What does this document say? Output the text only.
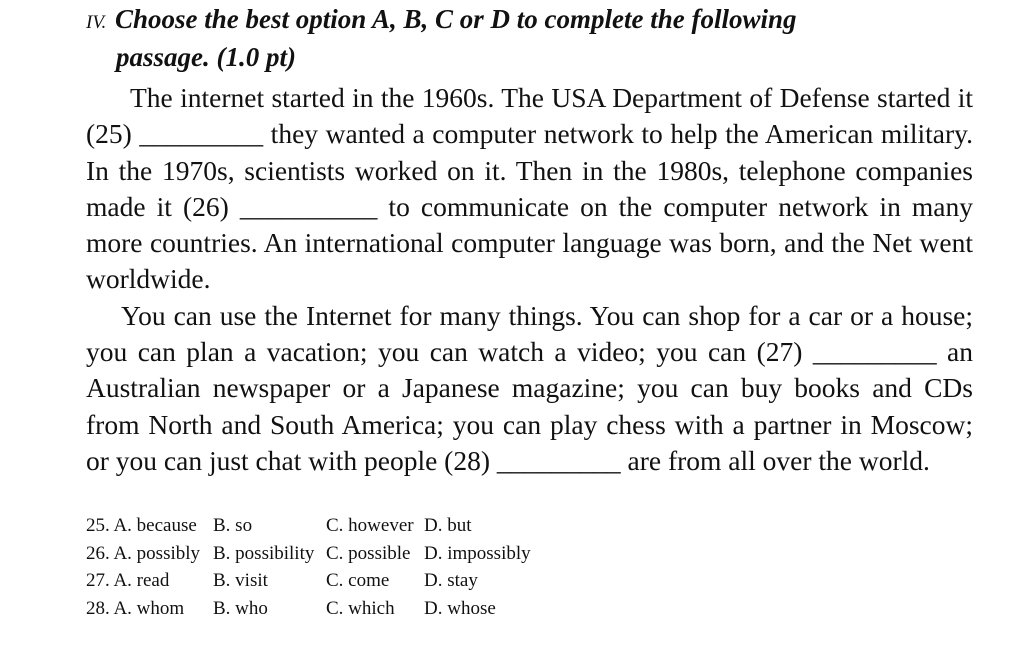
IV. Choose the best option A, B, C or D to complete the following
passage. (1.0 pt)

The internet started in the 1960s. The USA Department of Defense started it (25) _________ they wanted a computer network to help the American military. In the 1970s, scientists worked on it. Then in the 1980s, telephone companies made it (26) __________ to communicate on the computer network in many more countries. An international computer language was born, and the Net went worldwide.

You can use the Internet for many things. You can shop for a car or a house; you can plan a vacation; you can watch a video; you can (27) _________ an Australian newspaper or a Japanese magazine; you can buy books and CDs from North and South America; you can play chess with a partner in Moscow; or you can just chat with people (28) _________ are from all over the world.

25. A. because B. so	C. however D. but
26. A. possibly B. possibility C. possible D. impossibly
27. A. read	B. visit	C. come	D. stay
28. A. whom	B. who	C. which	D. whose
